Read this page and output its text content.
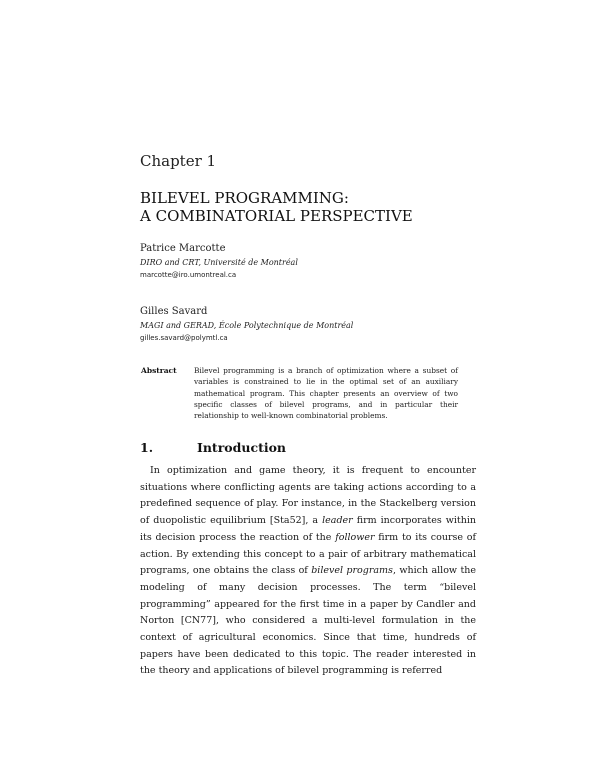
Chapter 1
BILEVEL PROGRAMMING:
A COMBINATORIAL PERSPECTIVE
Patrice Marcotte
DIRO and CRT, Université de Montréal
marcotte@iro.umontreal.ca
Gilles Savard
MAGI and GERAD, École Polytechnique de Montréal
gilles.savard@polymtl.ca
Abstract Bilevel programming is a branch of optimization where a subset of variables is constrained to lie in the optimal set of an auxiliary mathematical program. This chapter presents an overview of two specific classes of bilevel programs, and in particular their relationship to well-known combinatorial problems.
1.	Introduction

In optimization and game theory, it is frequent to encounter situations where conflicting agents are taking actions according to a predefined sequence of play. For instance, in the Stackelberg version of duopolistic equilibrium [Sta52], a leader firm incorporates within its decision process the reaction of the follower firm to its course of action. By extending this concept to a pair of arbitrary mathematical programs, one obtains the class of bilevel programs, which allow the modeling of many decision processes. The term “bilevel programming” appeared for the first time in a paper by Candler and Norton [CN77], who considered a multi-level formulation in the context of agricultural economics. Since that time, hundreds of papers have been dedicated to this topic. The reader interested in the theory and applications of bilevel programming is referred
